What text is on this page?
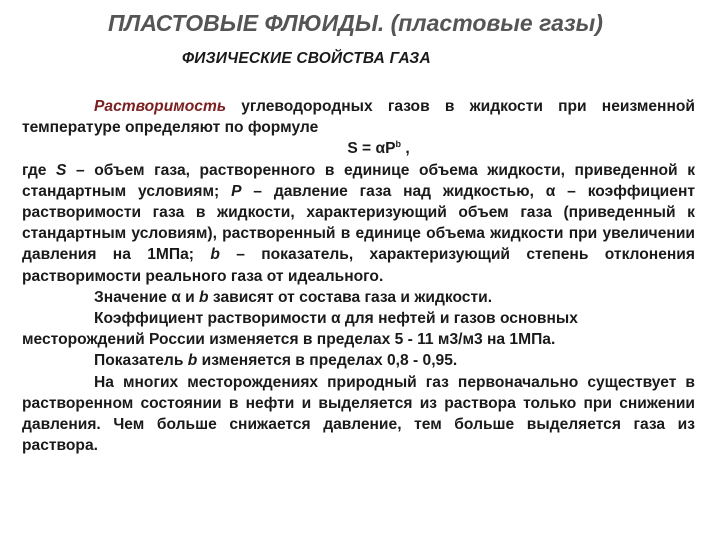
ПЛАСТОВЫЕ ФЛЮИДЫ. (пластовые газы)
ФИЗИЧЕСКИЕ СВОЙСТВА ГАЗА

Растворимость углеводородных газов в жидкости при неизменной температуре определяют по формуле

$S = \alpha P^b$ ,

где S – объем газа, растворенного в единице объема жидкости, приведенной к стандартным условиям; P – давление газа над жидкостью, α – коэффициент растворимости газа в жидкости, характеризующий объем газа (приведенный к стандартным условиям), растворенный в единице объема жидкости при увеличении давления на 1МПа; b – показатель, характеризующий степень отклонения растворимости реального газа от идеального.

Значение α и b зависят от состава газа и жидкости.

Коэффициент растворимости α для нефтей и газов основных месторождений России изменяется в пределах 5 - 11 м3/м3 на 1МПа.

Показатель b изменяется в пределах 0,8 - 0,95.

На многих месторождениях природный газ первоначально существует в растворенном состоянии в нефти и выделяется из раствора только при снижении давления. Чем больше снижается давление, тем больше выделяется газа из раствора.
